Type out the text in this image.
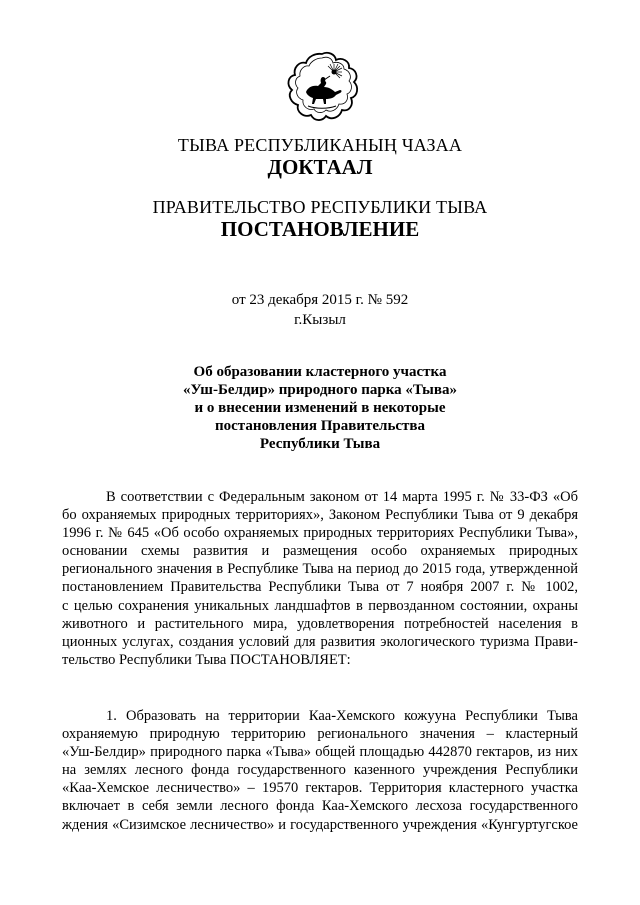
ТЫВА РЕСПУБЛИКАНЫҢ ЧАЗАА
ДОКТААЛ
ПРАВИТЕЛЬСТВО РЕСПУБЛИКИ ТЫВА
ПОСТАНОВЛЕНИЕ
от 23 декабря 2015 г. № 592
г.Кызыл
Об образовании кластерного участка
«Уш-Белдир» природного парка «Тыва»
и о внесении изменений в некоторые
постановления Правительства
Республики Тыва
В соответствии с Федеральным законом от 14 марта 1995 г. № 33-ФЗ «Об
бо охраняемых природных территориях», Законом Республики Тыва от 9 декабря
1996 г. № 645 «Об особо охраняемых природных территориях Республики Тыва»,
основании схемы развития и размещения особо охраняемых природных
регионального значения в Республике Тыва на период до 2015 года, утвержденной
постановлением Правительства Республики Тыва от 7 ноября 2007 г. № 1002,
с целью сохранения уникальных ландшафтов в первозданном состоянии, охраны
животного и растительного мира, удовлетворения потребностей населения в
ционных услугах, создания условий для развития экологического туризма Прави-
тельство Республики Тыва ПОСТАНОВЛЯЕТ:
1. Образовать на территории Каа-Хемского кожууна Республики Тыва
охраняемую природную территорию регионального значения – кластерный
«Уш-Белдир» природного парка «Тыва» общей площадью 442870 гектаров, из них
на землях лесного фонда государственного казенного учреждения Республики
«Каа-Хемское лесничество» – 19570 гектаров. Территория кластерного участка
включает в себя земли лесного фонда Каа-Хемского лесхоза государственного
ждения «Сизимское лесничество» и государственного учреждения «Кунгуртугское
